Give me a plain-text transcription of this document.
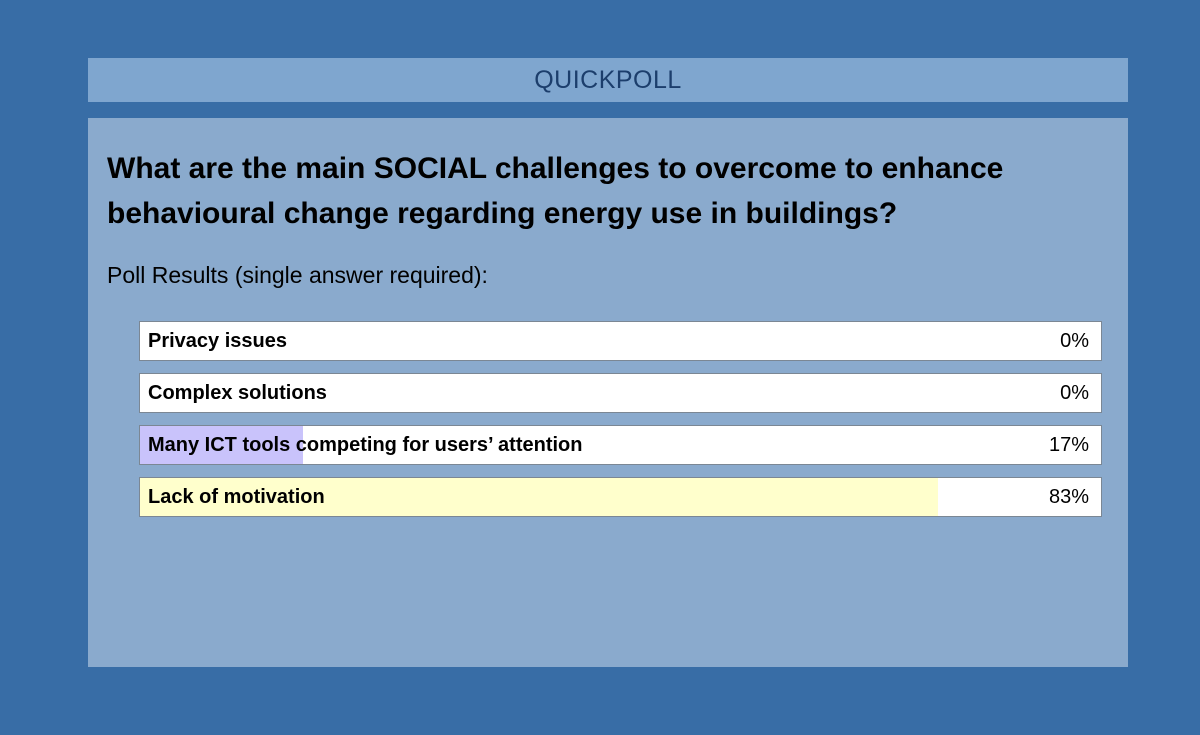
QUICKPOLL
What are the main SOCIAL challenges to overcome to enhance behavioural change regarding energy use in buildings?
Poll Results (single answer required):
Privacy issues	0%
Complex solutions	0%
Many ICT tools competing for users’ attention	17%
Lack of motivation	83%
